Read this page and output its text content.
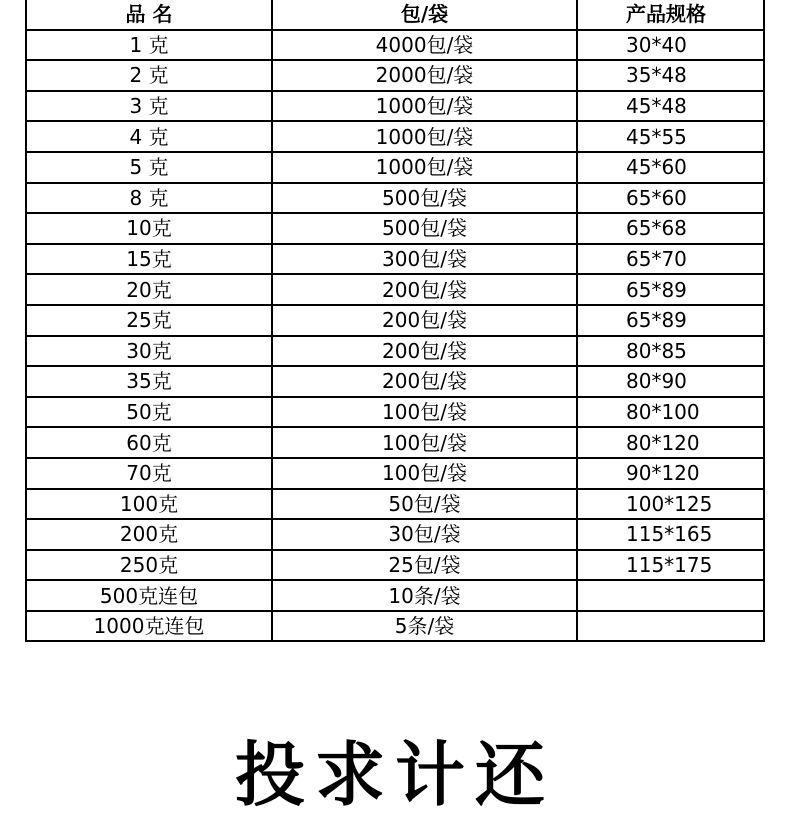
品 名	包/袋	产品规格
1 克	4000包/袋	30*40
2 克	2000包/袋	35*48
3 克	1000包/袋	45*48
4 克	1000包/袋	45*55
5 克	1000包/袋	45*60
8 克	500包/袋	65*60
10克	500包/袋	65*68
15克	300包/袋	65*70
20克	200包/袋	65*89
25克	200包/袋	65*89
30克	200包/袋	80*85
35克	200包/袋	80*90
50克	100包/袋	80*100
60克	100包/袋	80*120
70克	100包/袋	90*120
100克	50包/袋	100*125
200克	30包/袋	115*165
250克	25包/袋	115*175
500克连包	10条/袋	
1000克连包	5条/袋	
投求计还
